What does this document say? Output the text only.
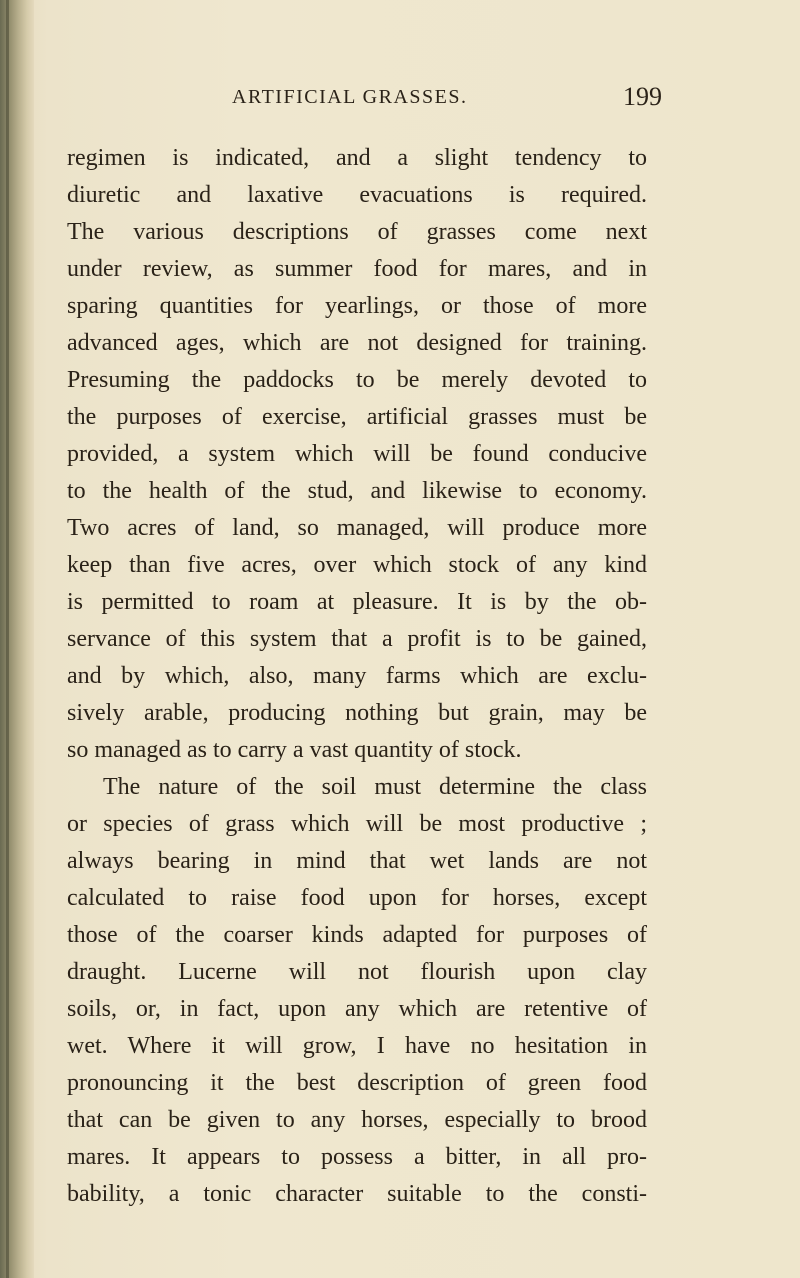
ARTIFICIAL GRASSES.	199
regimen is indicated, and a slight tendency to
diuretic and laxative evacuations is required.
The various descriptions of grasses come next
under review, as summer food for mares, and in
sparing quantities for yearlings, or those of more
advanced ages, which are not designed for training.
Presuming the paddocks to be merely devoted to
the purposes of exercise, artificial grasses must be
provided, a system which will be found conducive
to the health of the stud, and likewise to economy.
Two acres of land, so managed, will produce more
keep than five acres, over which stock of any kind
is permitted to roam at pleasure. It is by the ob-
servance of this system that a profit is to be gained,
and by which, also, many farms which are exclu-
sively arable, producing nothing but grain, may be
so managed as to carry a vast quantity of stock.
The nature of the soil must determine the class
or species of grass which will be most productive ;
always bearing in mind that wet lands are not
calculated to raise food upon for horses, except
those of the coarser kinds adapted for purposes of
draught. Lucerne will not flourish upon clay
soils, or, in fact, upon any which are retentive of
wet. Where it will grow, I have no hesitation in
pronouncing it the best description of green food
that can be given to any horses, especially to brood
mares. It appears to possess a bitter, in all pro-
bability, a tonic character suitable to the consti-
